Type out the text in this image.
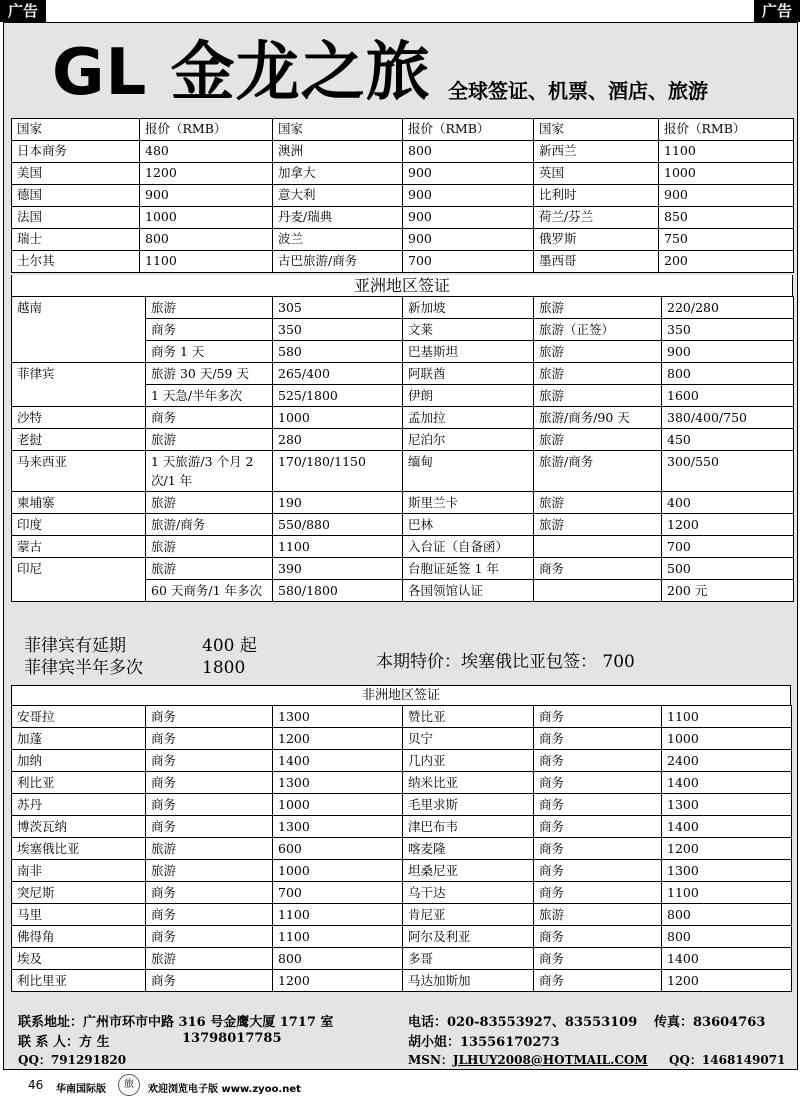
广告	广告
GL 金龙之旅 全球签证、机票、酒店、旅游
国家	报价（RMB）	国家	报价（RMB）	国家	报价（RMB）
日本商务	480	澳洲	800	新西兰	1100
美国	1200	加拿大	900	英国	1000
德国	900	意大利	900	比利时	900
法国	1000	丹麦/瑞典	900	荷兰/芬兰	850
瑞士	800	波兰	900	俄罗斯	750
土尔其	1100	古巴旅游/商务	700	墨西哥	200
亚洲地区签证
越南	旅游	305	新加坡	旅游	220/280
	商务	350	文莱	旅游（正签）	350
	商务 1 天	580	巴基斯坦	旅游	900
菲律宾	旅游 30 天/59 天	265/400	阿联酋	旅游	800
	1 天急/半年多次	525/1800	伊朗	旅游	1600
沙特	商务	1000	孟加拉	旅游/商务/90 天	380/400/750
老挝	旅游	280	尼泊尔	旅游	450
马来西亚	1 天旅游/3 个月 2 次/1 年	170/180/1150	缅甸	旅游/商务	300/550
柬埔寨	旅游	190	斯里兰卡	旅游	400
印度	旅游/商务	550/880	巴林	旅游	1200
蒙古	旅游	1100	入台证（自备函）		700
印尼	旅游	390	台胞证延签 1 年	商务	500
	60 天商务/1 年多次	580/1800	各国领馆认证		200 元
菲律宾有延期	400 起
菲律宾半年多次	1800	本期特价：埃塞俄比亚包签： 700
非洲地区签证
安哥拉	商务	1300	赞比亚	商务	1100
加蓬	商务	1200	贝宁	商务	1000
加纳	商务	1400	几内亚	商务	2400
利比亚	商务	1300	纳米比亚	商务	1400
苏丹	商务	1000	毛里求斯	商务	1300
博茨瓦纳	商务	1300	津巴布韦	商务	1400
埃塞俄比亚	旅游	600	喀麦隆	商务	1200
南非	旅游	1000	坦桑尼亚	商务	1300
突尼斯	商务	700	乌干达	商务	1100
马里	商务	1100	肯尼亚	旅游	800
佛得角	商务	1100	阿尔及利亚	商务	800
埃及	旅游	800	多哥	商务	1400
利比里亚	商务	1200	马达加斯加	商务	1200
联系地址：广州市环市中路 316 号金鹰大厦 1717 室	电话：020-83553927、83553109 传真：83604763
联 系 人：方 生	13798017785	胡小姐：13556170273
QQ：791291820	MSN：JLHUY2008@HOTMAIL.COM QQ：1468149071
46 华南国际版	旅	欢迎浏览电子版 www.zyoo.net
